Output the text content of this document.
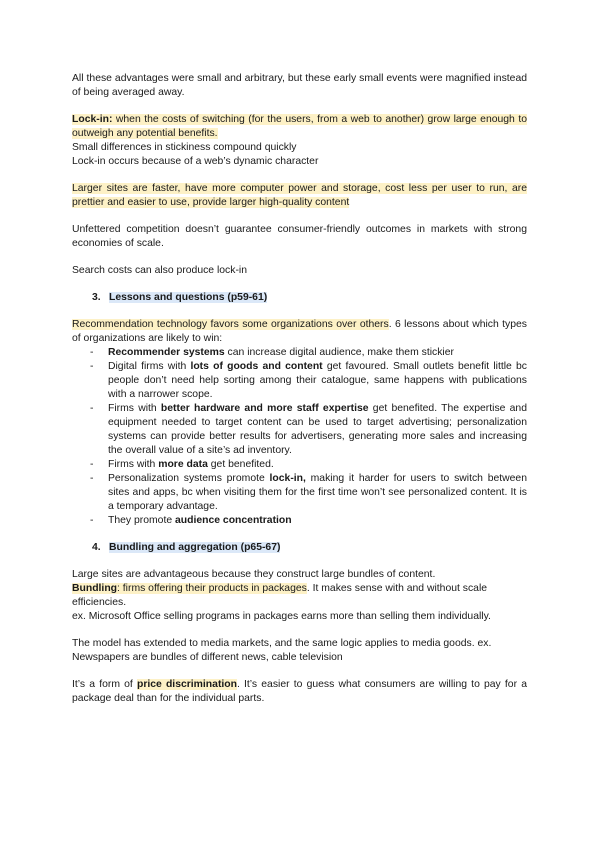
All these advantages were small and arbitrary, but these early small events were magnified instead of being averaged away.

Lock-in: when the costs of switching (for the users, from a web to another) grow large enough to outweigh any potential benefits.

Small differences in stickiness compound quickly

Lock-in occurs because of a web’s dynamic character

Larger sites are faster, have more computer power and storage, cost less per user to run, are prettier and easier to use, provide larger high-quality content

Unfettered competition doesn’t guarantee consumer-friendly outcomes in markets with strong economies of scale.

Search costs can also produce lock-in

3. Lessons and questions (p59-61)

Recommendation technology favors some organizations over others. 6 lessons about which types of organizations are likely to win:

- Recommender systems can increase digital audience, make them stickier
- Digital firms with lots of goods and content get favoured. Small outlets benefit little bc people don’t need help sorting among their catalogue, same happens with publications with a narrower scope.
- Firms with better hardware and more staff expertise get benefited. The expertise and equipment needed to target content can be used to target advertising; personalization systems can provide better results for advertisers, generating more sales and increasing the overall value of a site’s ad inventory.
- Firms with more data get benefited.
- Personalization systems promote lock-in, making it harder for users to switch between sites and apps, bc when visiting them for the first time won’t see personalized content. It is a temporary advantage.
- They promote audience concentration
4. Bundling and aggregation (p65-67)

Large sites are advantageous because they construct large bundles of content.

Bundling: firms offering their products in packages. It makes sense with and without scale efficiencies.

ex. Microsoft Office selling programs in packages earns more than selling them individually.

The model has extended to media markets, and the same logic applies to media goods. ex. Newspapers are bundles of different news, cable television

It’s a form of price discrimination. It’s easier to guess what consumers are willing to pay for a package deal than for the individual parts.
